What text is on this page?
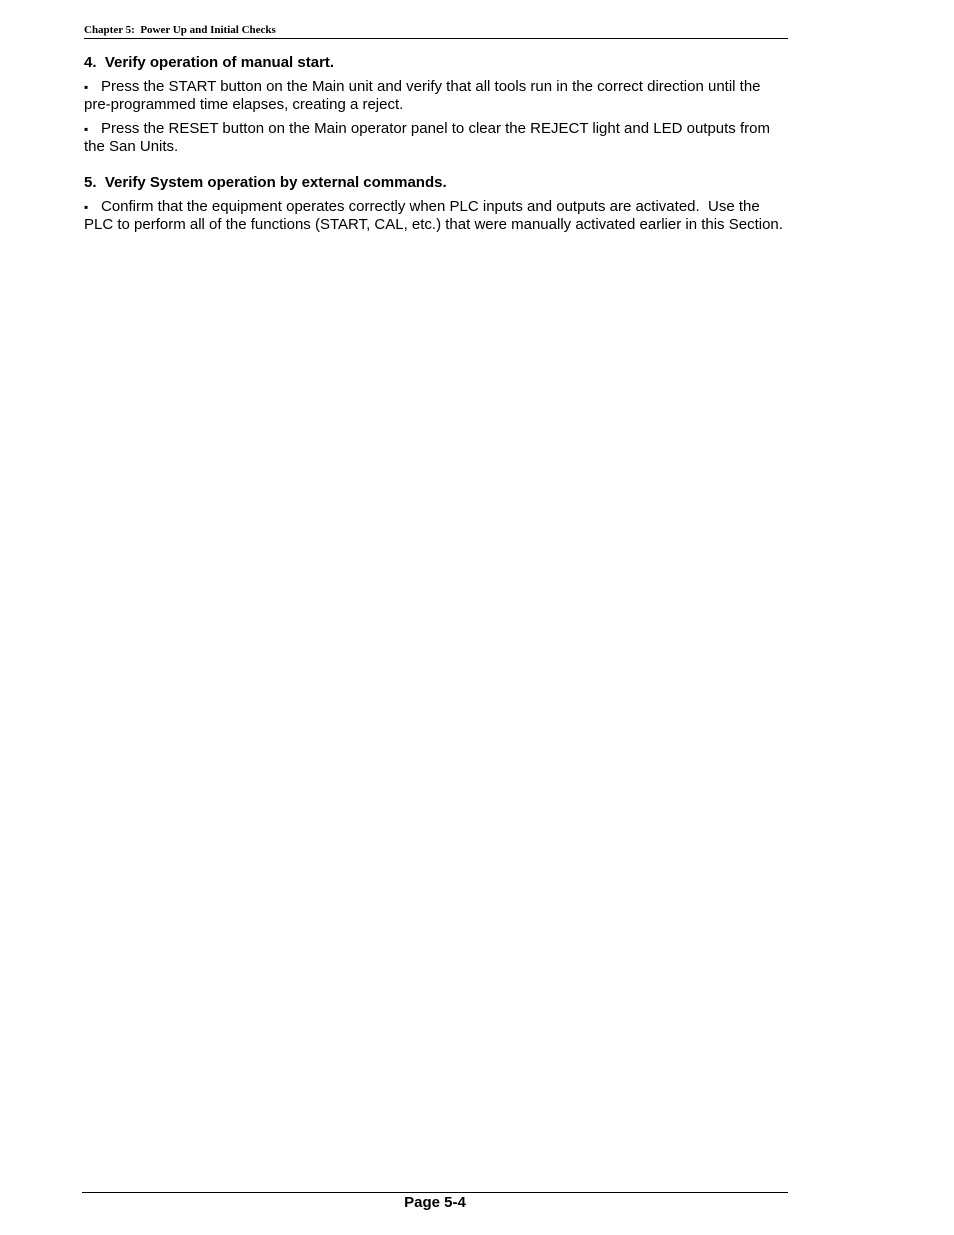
Chapter 5:  Power Up and Initial Checks
4.  Verify operation of manual start.
▪ Press the START button on the Main unit and verify that all tools run in the correct direction until the pre-programmed time elapses, creating a reject.
▪ Press the RESET button on the Main operator panel to clear the REJECT light and LED outputs from the San Units.
5.  Verify System operation by external commands.
▪ Confirm that the equipment operates correctly when PLC inputs and outputs are activated.  Use the PLC to perform all of the functions (START, CAL, etc.) that were manually activated earlier in this Section.
Page 5-4
